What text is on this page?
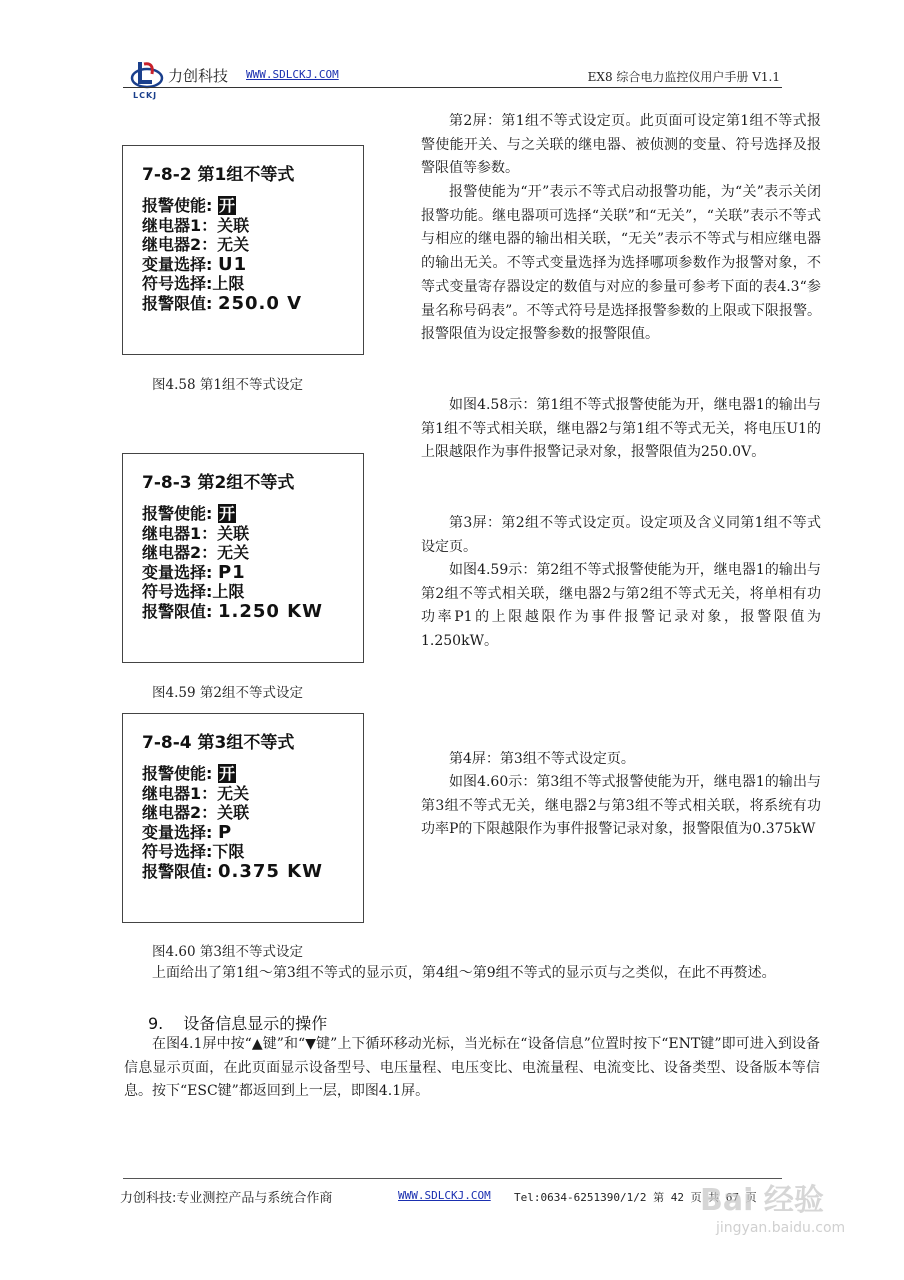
LCKJ
力创科技 WWW.SDLCKJ.COM	EX8 综合电力监控仪用户手册 V1.1
7-8-2 第1组不等式
报警使能: 开
继电器1：关联
继电器2：无关
变量选择: U1
符号选择:上限
报警限值: 250.0 V
图4.58 第1组不等式设定
7-8-3 第2组不等式
报警使能: 开
继电器1：关联
继电器2：无关
变量选择: P1
符号选择:上限
报警限值: 1.250 KW
图4.59 第2组不等式设定
7-8-4 第3组不等式
报警使能: 开
继电器1：无关
继电器2：关联
变量选择: P
符号选择:下限
报警限值: 0.375 KW
图4.60 第3组不等式设定

第2屏：第1组不等式设定页。此页面可设定第1组不等式报警使能开关、与之关联的继电器、被侦测的变量、符号选择及报警限值等参数。

报警使能为“开”表示不等式启动报警功能，为“关”表示关闭报警功能。继电器项可选择“关联”和“无关”，“关联”表示不等式与相应的继电器的输出相关联，“无关”表示不等式与相应继电器的输出无关。不等式变量选择为选择哪项参数作为报警对象，不等式变量寄存器设定的数值与对应的参量可参考下面的表4.3“参量名称号码表”。不等式符号是选择报警参数的上限或下限报警。报警限值为设定报警参数的报警限值。

如图4.58示：第1组不等式报警使能为开，继电器1的输出与第1组不等式相关联，继电器2与第1组不等式无关，将电压U1的上限越限作为事件报警记录对象，报警限值为250.0V。

第3屏：第2组不等式设定页。设定项及含义同第1组不等式设定页。

如图4.59示：第2组不等式报警使能为开，继电器1的输出与第2组不等式相关联，继电器2与第2组不等式无关，将单相有功功率P1的上限越限作为事件报警记录对象，报警限值为1.250kW。

第4屏：第3组不等式设定页。

如图4.60示：第3组不等式报警使能为开，继电器1的输出与第3组不等式无关，继电器2与第3组不等式相关联，将系统有功功率P的下限越限作为事件报警记录对象，报警限值为0.375kW

上面给出了第1组～第3组不等式的显示页，第4组～第9组不等式的显示页与之类似，在此不再赘述。

9. 设备信息显示的操作

在图4.1屏中按“▲键”和“▼键”上下循环移动光标，当光标在“设备信息”位置时按下“ENT键”即可进入到设备信息显示页面，在此页面显示设备型号、电压量程、电压变比、电流量程、电流变比、设备类型、设备版本等信息。按下“ESC键”都返回到上一层，即图4.1屏。

力创科技:专业测控产品与系统合作商	WWW.SDLCKJ.COM Tel:0634-6251390/1/2 第 42 页 共 67 页
Bai 经验
jingyan.baidu.com
